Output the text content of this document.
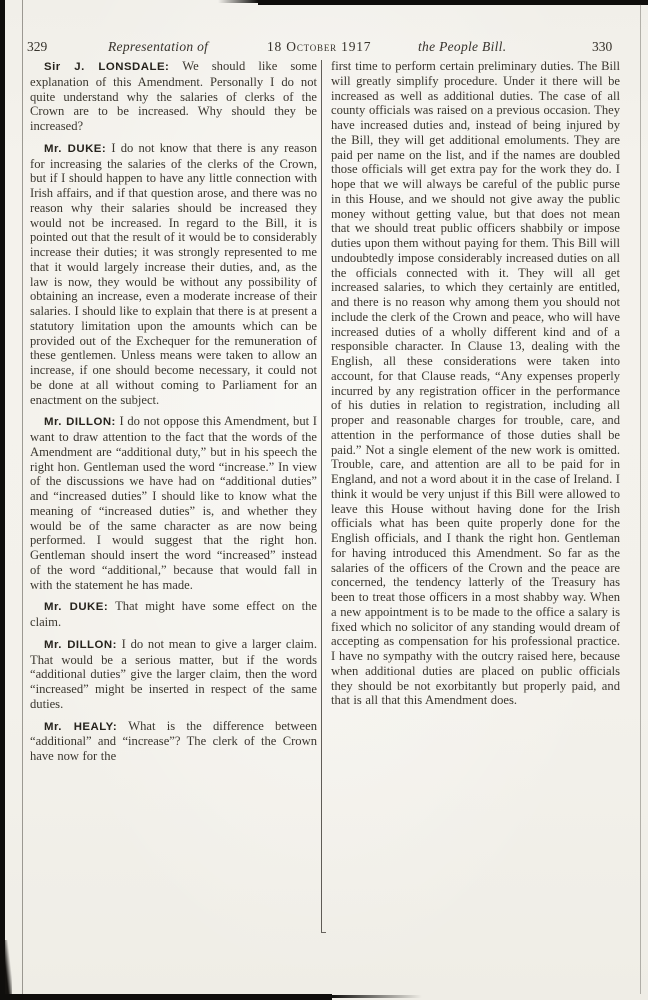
329	Representation of	18 October 1917	the People Bill.	330

Sir J. LONSDALE: We should like some explanation of this Amendment. Personally I do not quite understand why the salaries of clerks of the Crown are to be increased. Why should they be increased?

Mr. DUKE: I do not know that there is any reason for increasing the salaries of the clerks of the Crown, but if I should happen to have any little connection with Irish affairs, and if that question arose, and there was no reason why their salaries should be increased they would not be increased. In regard to the Bill, it is pointed out that the result of it would be to considerably increase their duties; it was strongly represented to me that it would largely increase their duties, and, as the law is now, they would be without any possibility of obtaining an increase, even a moderate increase of their salaries. I should like to explain that there is at present a statutory limitation upon the amounts which can be provided out of the Exchequer for the remuneration of these gentlemen. Unless means were taken to allow an increase, if one should become necessary, it could not be done at all without coming to Parliament for an enactment on the subject.

Mr. DILLON: I do not oppose this Amendment, but I want to draw attention to the fact that the words of the Amendment are “additional duty,” but in his speech the right hon. Gentleman used the word “increase.” In view of the discussions we have had on “additional duties” and “increased duties” I should like to know what the meaning of “increased duties” is, and whether they would be of the same character as are now being performed. I would suggest that the right hon. Gentleman should insert the word “increased” instead of the word “additional,” because that would fall in with the statement he has made.

Mr. DUKE: That might have some effect on the claim.

Mr. DILLON: I do not mean to give a larger claim. That would be a serious matter, but if the words “additional duties” give the larger claim, then the word “increased” might be inserted in respect of the same duties.

Mr. HEALY: What is the difference between “additional” and “increase”? The clerk of the Crown have now for the

first time to perform certain preliminary duties. The Bill will greatly simplify procedure. Under it there will be increased as well as additional duties. The case of all county officials was raised on a previous occasion. They have increased duties and, instead of being injured by the Bill, they will get additional emoluments. They are paid per name on the list, and if the names are doubled those officials will get extra pay for the work they do. I hope that we will always be careful of the public purse in this House, and we should not give away the public money without getting value, but that does not mean that we should treat public officers shabbily or impose duties upon them without paying for them. This Bill will undoubtedly impose considerably increased duties on all the officials connected with it. They will all get increased salaries, to which they certainly are entitled, and there is no reason why among them you should not include the clerk of the Crown and peace, who will have increased duties of a wholly different kind and of a responsible character. In Clause 13, dealing with the English, all these considerations were taken into account, for that Clause reads, “Any expenses properly incurred by any registration officer in the performance of his duties in relation to registration, including all proper and reasonable charges for trouble, care, and attention in the performance of those duties shall be paid.” Not a single element of the new work is omitted. Trouble, care, and attention are all to be paid for in England, and not a word about it in the case of Ireland. I think it would be very unjust if this Bill were allowed to leave this House without having done for the Irish officials what has been quite properly done for the English officials, and I thank the right hon. Gentleman for having introduced this Amendment. So far as the salaries of the officers of the Crown and the peace are concerned, the tendency latterly of the Treasury has been to treat those officers in a most shabby way. When a new appointment is to be made to the office a salary is fixed which no solicitor of any standing would dream of accepting as compensation for his professional practice. I have no sympathy with the outcry raised here, because when additional duties are placed on public officials they should be not exorbitantly but properly paid, and that is all that this Amendment does.
